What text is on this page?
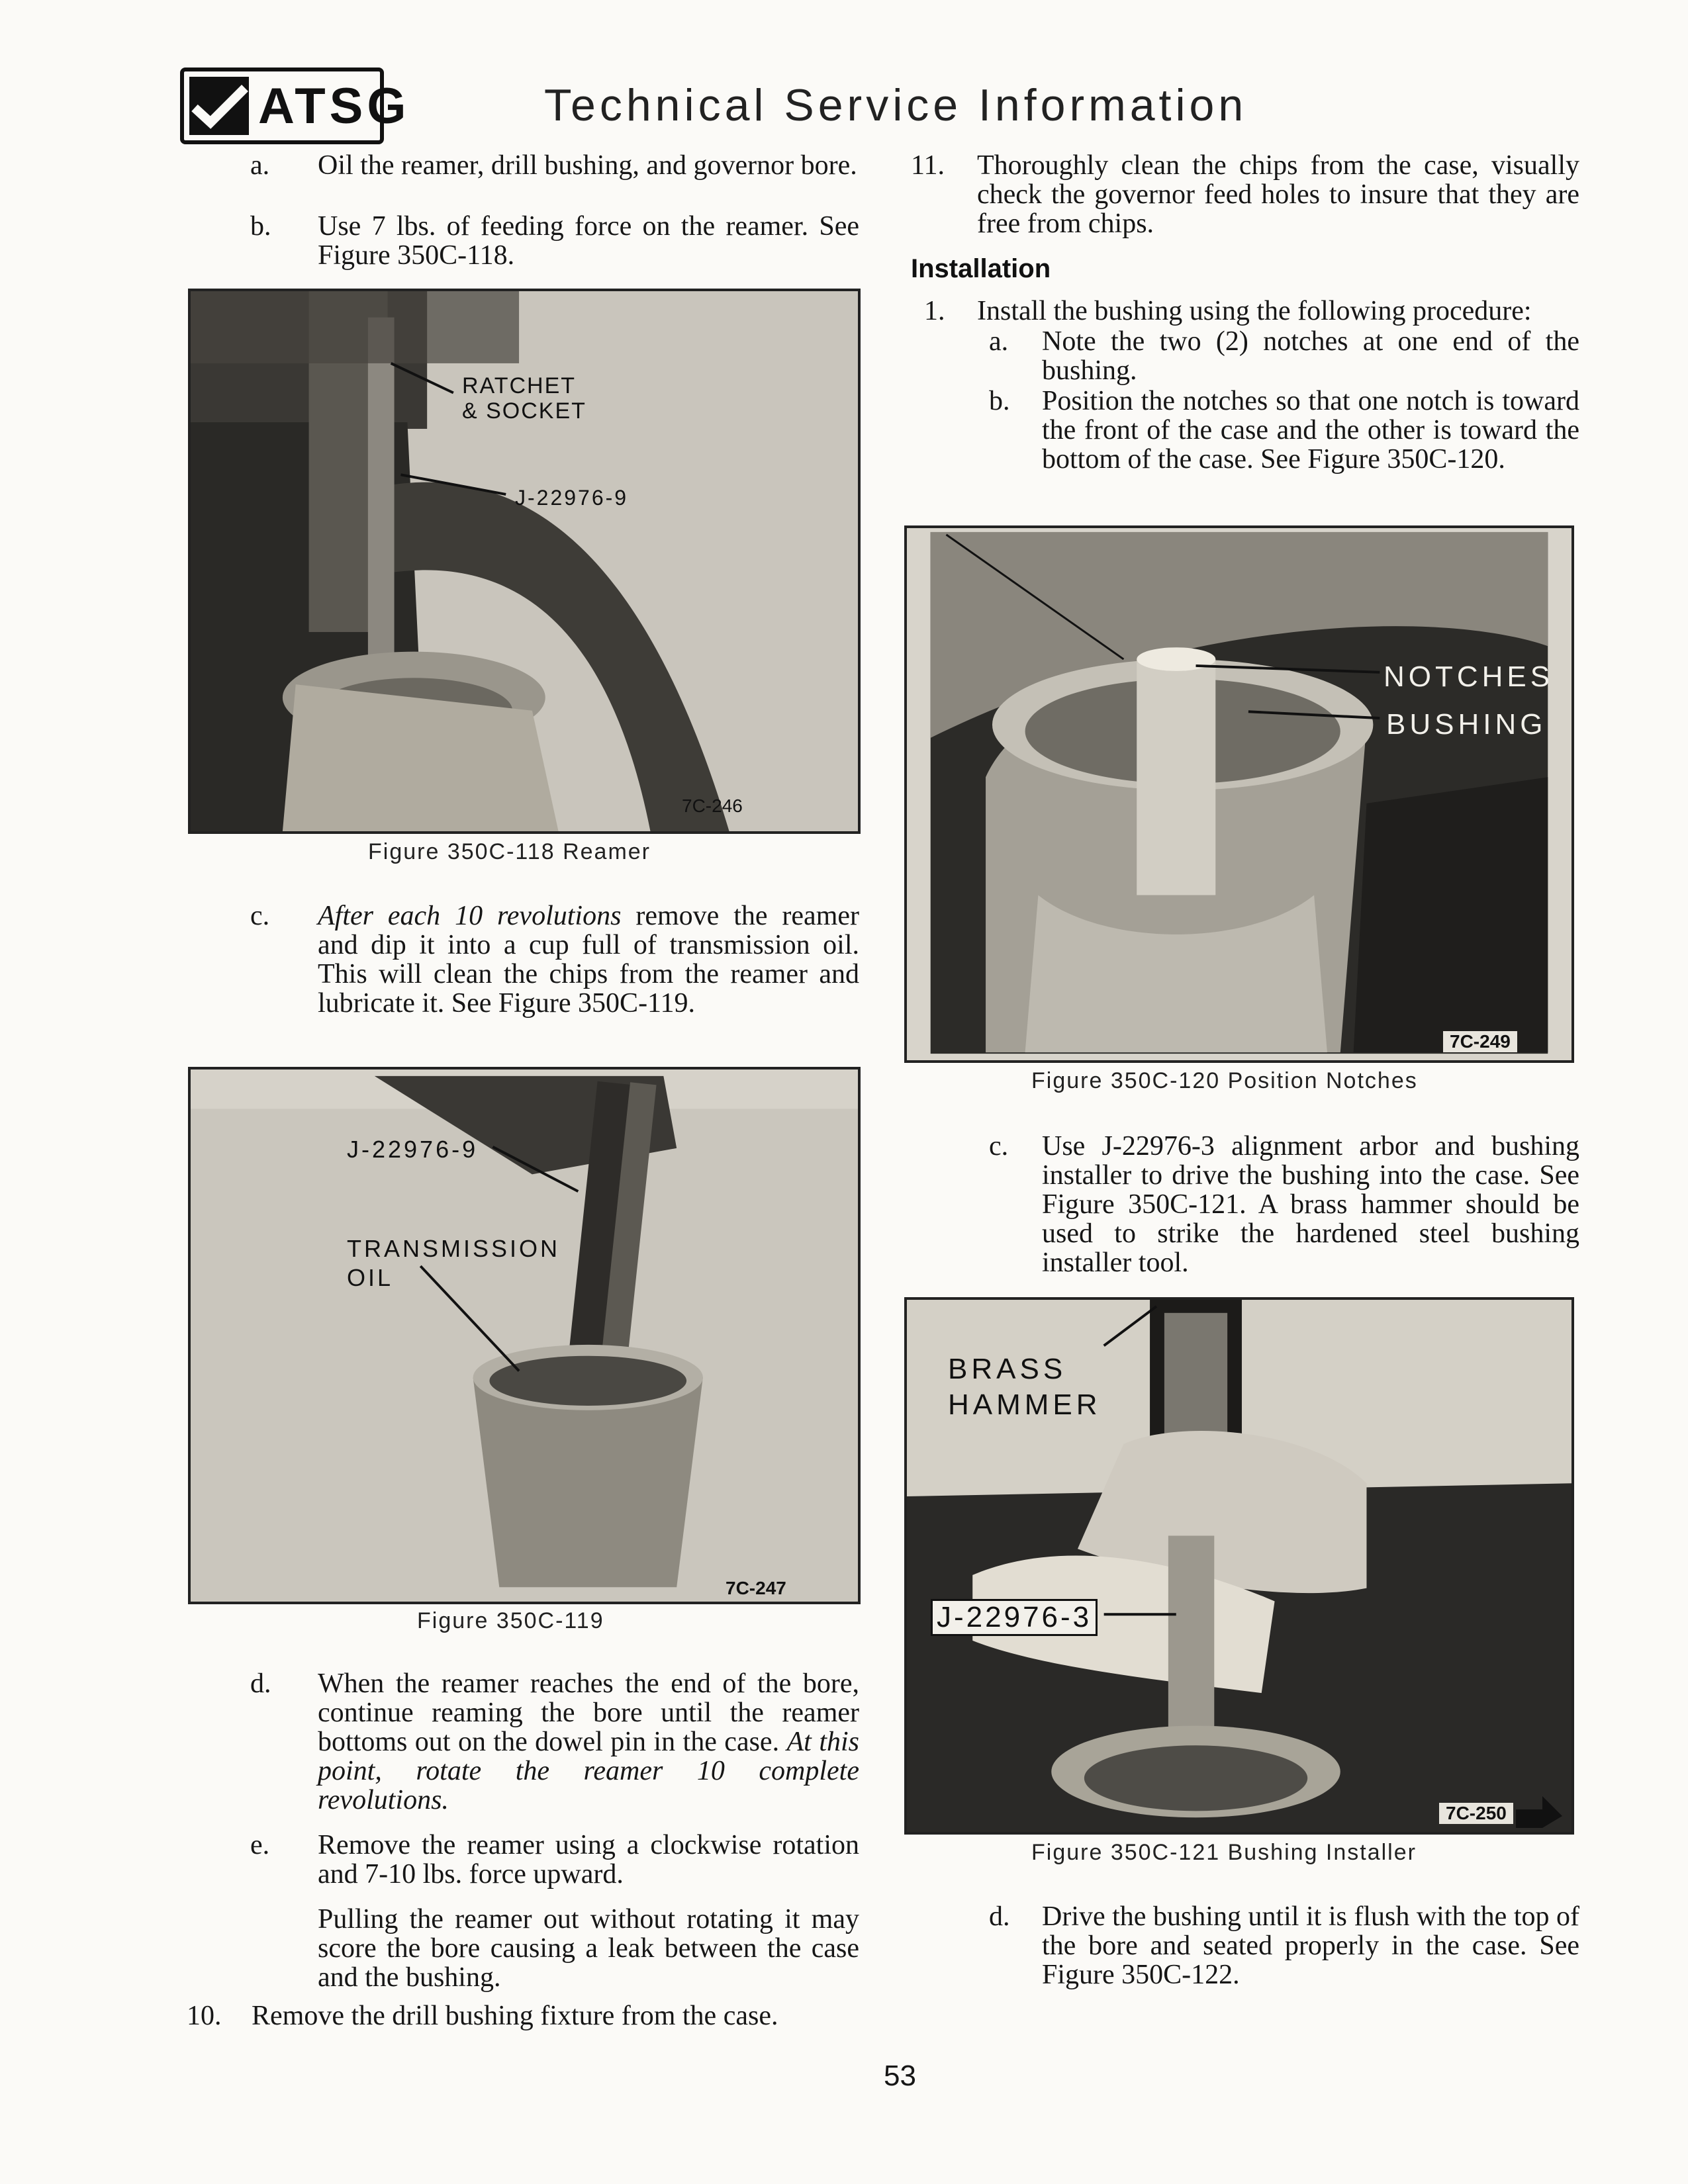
ATSG	Technical Service Information
a. Oil the reamer, drill bushing, and governor bore.
b. Use 7 lbs. of feeding force on the reamer. See Figure 350C-118.
RATCHET
& SOCKET
J-22976-9
7C-246
Figure 350C-118 Reamer
c. After each 10 revolutions remove the reamer and dip it into a cup full of transmission oil. This will clean the chips from the reamer and lubricate it. See Figure 350C-119.
J-22976-9
TRANSMISSION
OIL
7C-247
Figure 350C-119
d. When the reamer reaches the end of the bore, continue reaming the bore until the reamer bottoms out on the dowel pin in the case. At this point, rotate the reamer 10 complete revolutions.
e. Remove the reamer using a clockwise rotation and 7-10 lbs. force upward.
Pulling the reamer out without rotating it may score the bore causing a leak between the case and the bushing.
10. Remove the drill bushing fixture from the case.
11. Thoroughly clean the chips from the case, visually check the governor feed holes to insure that they are free from chips.
Installation
1. Install the bushing using the following procedure:
a. Note the two (2) notches at one end of the bushing.
b. Position the notches so that one notch is toward the front of the case and the other is toward the bottom of the case. See Figure 350C-120.
NOTCHES
BUSHING
7C-249
Figure 350C-120 Position Notches
c. Use J-22976-3 alignment arbor and bushing installer to drive the bushing into the case. See Figure 350C-121. A brass hammer should be used to strike the hardened steel bushing installer tool.
BRASS
HAMMER
J-22976-3
7C-250
Figure 350C-121 Bushing Installer
d. Drive the bushing until it is flush with the top of the bore and seated properly in the case. See Figure 350C-122.
53
